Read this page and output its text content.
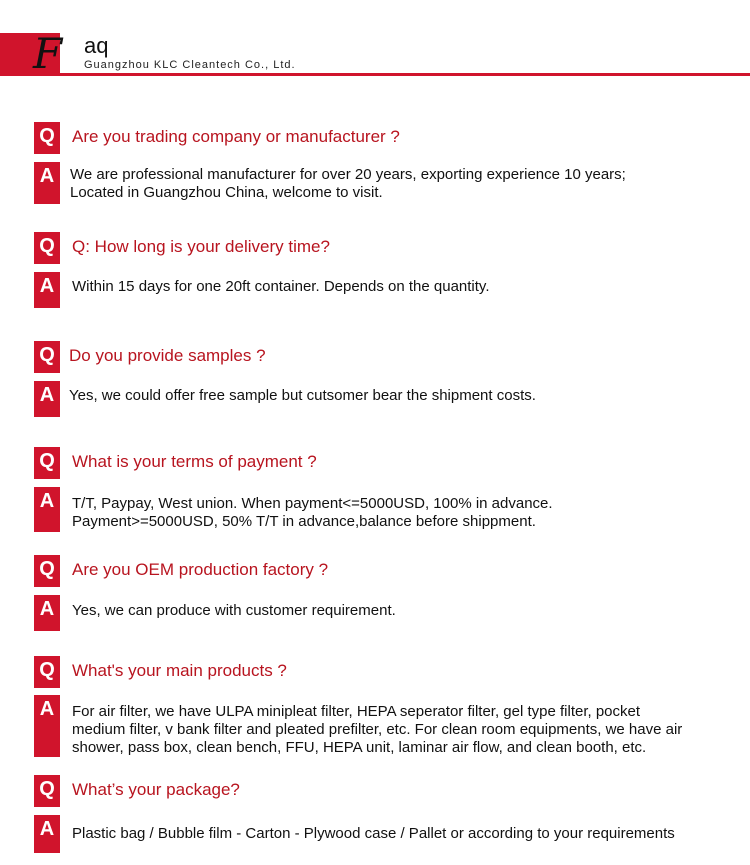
F aq
Guangzhou KLC Cleantech Co., Ltd.
Q Are you trading company or manufacturer ?
A We are professional manufacturer for over 20 years, exporting experience 10 years;
Located in Guangzhou China, welcome to visit.
Q Q: How long is your delivery time?
A Within 15 days for one 20ft container. Depends on the quantity.
Q Do you provide samples ?
A Yes, we could offer free sample but cutsomer bear the shipment costs.
Q What is your terms of payment ?
A T/T, Paypay, West union. When payment<=5000USD, 100% in advance.
Payment>=5000USD, 50% T/T in advance,balance before shippment.
Q Are you OEM production factory ?
A Yes, we can produce with customer requirement.
Q What's your main products ?
A For air filter, we have ULPA minipleat filter, HEPA seperator filter, gel type filter, pocket
medium filter, v bank filter and pleated prefilter, etc. For clean room equipments, we have air
shower, pass box, clean bench, FFU, HEPA unit, laminar air flow, and clean booth, etc.
Q What’s your package?
A Plastic bag / Bubble film - Carton - Plywood case / Pallet or according to your requirements
